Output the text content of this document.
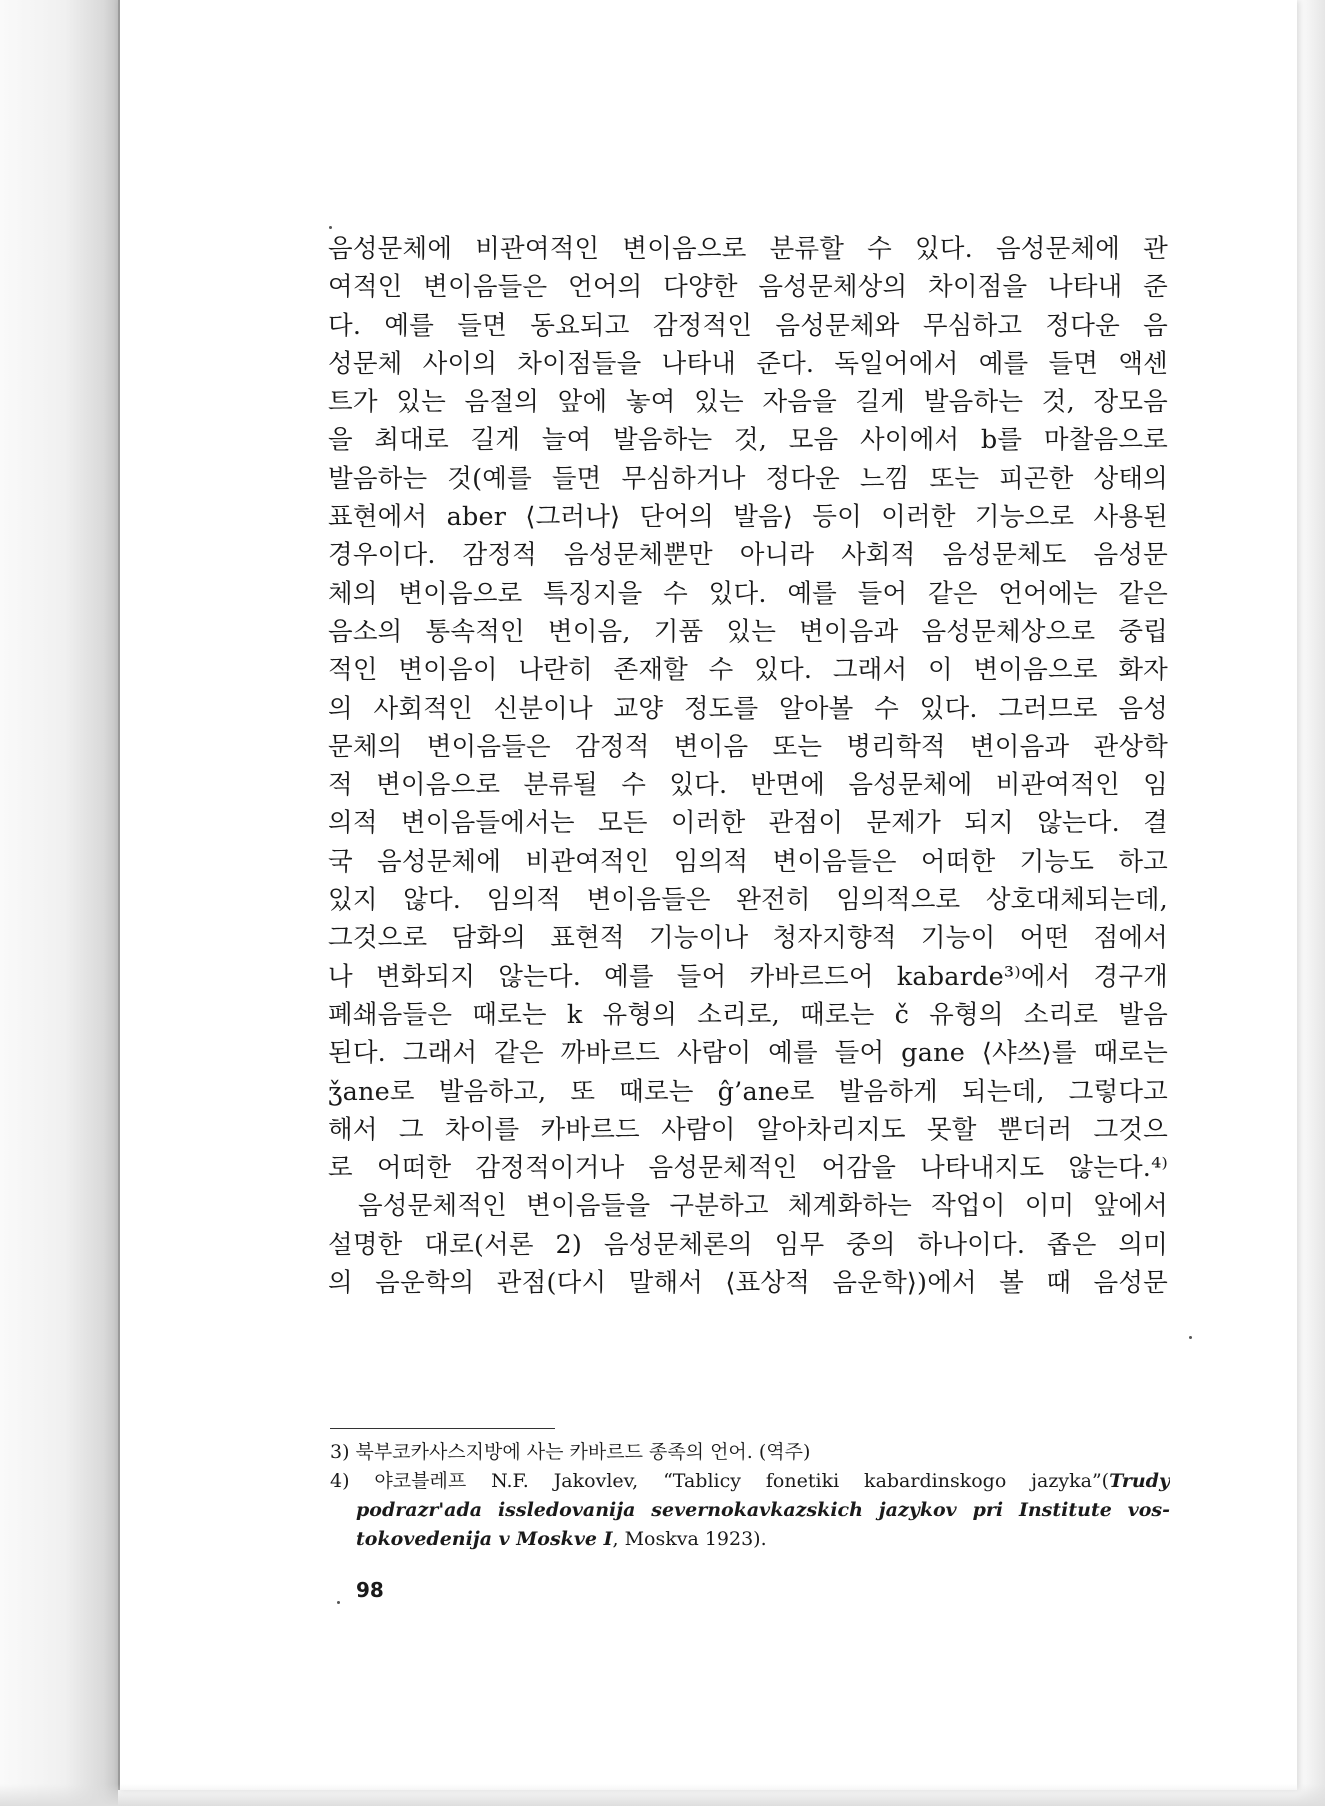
음성문체에 비관여적인 변이음으로 분류할 수 있다. 음성문체에 관
여적인 변이음들은 언어의 다양한 음성문체상의 차이점을 나타내 준
다. 예를 들면 동요되고 감정적인 음성문체와 무심하고 정다운 음
성문체 사이의 차이점들을 나타내 준다. 독일어에서 예를 들면 액센
트가 있는 음절의 앞에 놓여 있는 자음을 길게 발음하는 것, 장모음
을 최대로 길게 늘여 발음하는 것, 모음 사이에서 b를 마찰음으로
발음하는 것(예를 들면 무심하거나 정다운 느낌 또는 피곤한 상태의
표현에서 aber ⟨그러나⟩ 단어의 발음⟩ 등이 이러한 기능으로 사용된
경우이다. 감정적 음성문체뿐만 아니라 사회적 음성문체도 음성문
체의 변이음으로 특징지을 수 있다. 예를 들어 같은 언어에는 같은
음소의 통속적인 변이음, 기품 있는 변이음과 음성문체상으로 중립
적인 변이음이 나란히 존재할 수 있다. 그래서 이 변이음으로 화자
의 사회적인 신분이나 교양 정도를 알아볼 수 있다. 그러므로 음성
문체의 변이음들은 감정적 변이음 또는 병리학적 변이음과 관상학
적 변이음으로 분류될 수 있다. 반면에 음성문체에 비관여적인 임
의적 변이음들에서는 모든 이러한 관점이 문제가 되지 않는다. 결
국 음성문체에 비관여적인 임의적 변이음들은 어떠한 기능도 하고
있지 않다. 임의적 변이음들은 완전히 임의적으로 상호대체되는데,
그것으로 담화의 표현적 기능이나 청자지향적 기능이 어떤 점에서
나 변화되지 않는다. 예를 들어 카바르드어 kabarde³⁾에서 경구개
폐쇄음들은 때로는 k 유형의 소리로, 때로는 č 유형의 소리로 발음
된다. 그래서 같은 까바르드 사람이 예를 들어 gane ⟨샤쓰⟩를 때로는
ǯane로 발음하고, 또 때로는 ĝ’ane로 발음하게 되는데, 그렇다고
해서 그 차이를 카바르드 사람이 알아차리지도 못할 뿐더러 그것으
로 어떠한 감정적이거나 음성문체적인 어감을 나타내지도 않는다.⁴⁾
음성문체적인 변이음들을 구분하고 체계화하는 작업이 이미 앞에서
설명한 대로(서론 2) 음성문체론의 임무 중의 하나이다. 좁은 의미
의 음운학의 관점(다시 말해서 ⟨표상적 음운학⟩)에서 볼 때 음성문
3) 북부코카사스지방에 사는 카바르드 종족의 언어. (역주)
4) 야코블레프 N.F. Jakovlev, “Tablicy fonetiki kabardinskogo jazyka”(Trudy
podrazr'ada issledovanija severnokavkazskich jazykov pri Institute vos-
tokovedenija v Moskve I, Moskva 1923).
98
